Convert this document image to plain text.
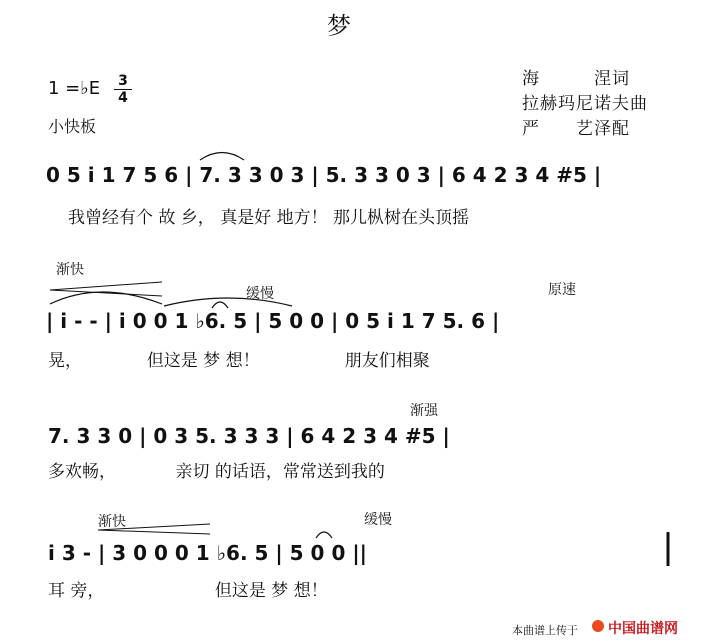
梦
海　　　涅词
拉赫玛尼诺夫曲
严　　艺泽配
1 =♭E 3
4
小快板
0 5 i 1 7 5 6 | 7. 3 3 0 3 | 5. 3 3 0 3 | 6 4 2 3 4 #5 |
我曾经有个 故 乡， 真是好 地方！ 那儿枞树在头顶摇
渐快
缓慢	原速
| i - - | i 0 0 1 ♭6. 5 | 5 0 0 | 0 5 i 1 7 5. 6 |
晃，　　　　 但这是 梦 想！　　　　　朋友们相聚
渐强
7. 3 3 0 | 0 3 5. 3 3 3 | 6 4 2 3 4 #5 |
多欢畅，　　　　亲切 的话语，常常送到我的
渐快	缓慢
i 3 - | 3 0 0 0 1 ♭6. 5 | 5 0 0 ||
耳 旁，　　　　　　　但这是 梦 想！
本曲谱上传于 中国曲谱网
